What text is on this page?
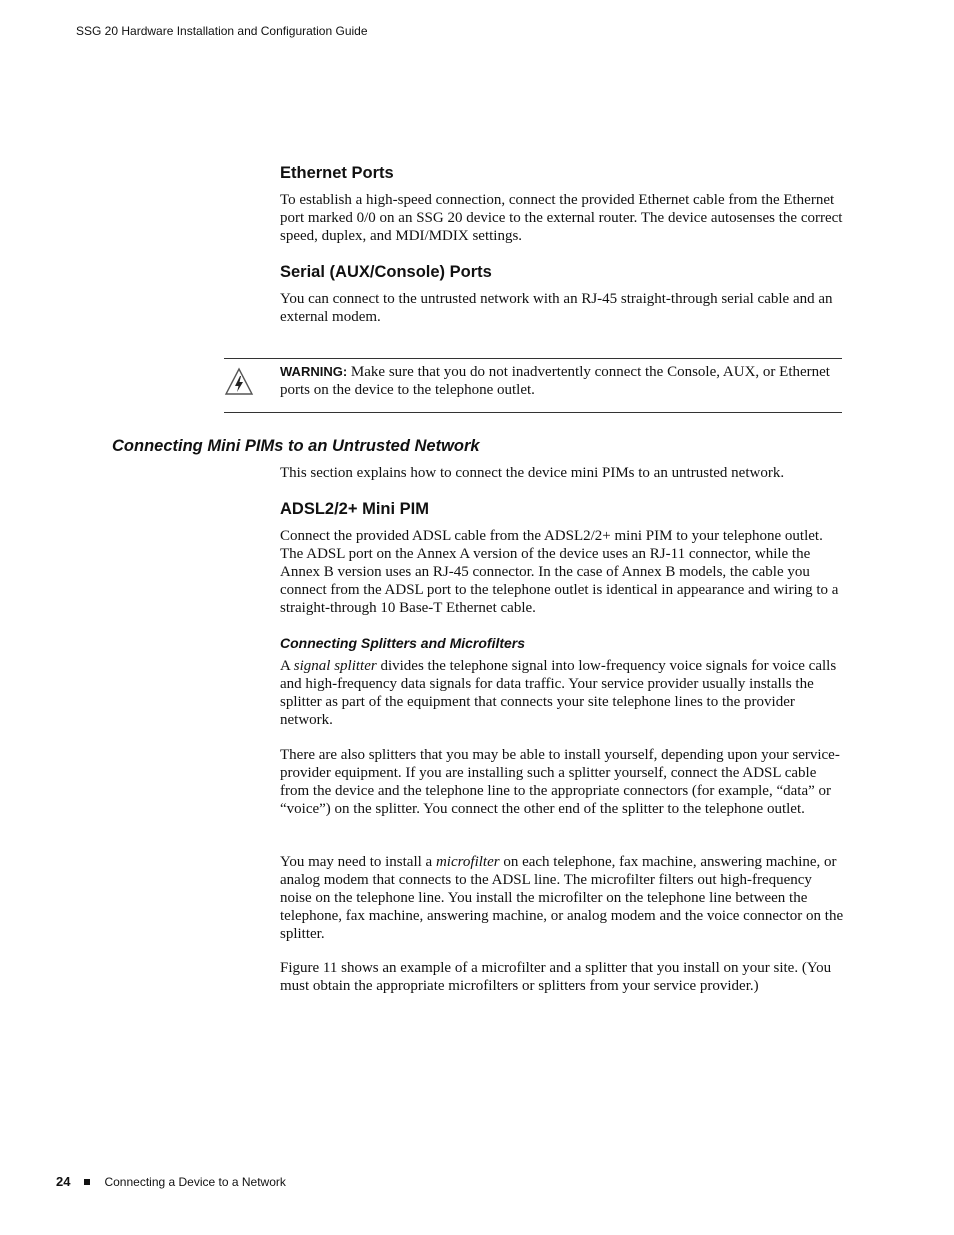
SSG 20 Hardware Installation and Configuration Guide
Ethernet Ports

To establish a high-speed connection, connect the provided Ethernet cable from the Ethernet port marked 0/0 on an SSG 20 device to the external router. The device autosenses the correct speed, duplex, and MDI/MDIX settings.

Serial (AUX/Console) Ports

You can connect to the untrusted network with an RJ-45 straight-through serial cable and an external modem.

WARNING: Make sure that you do not inadvertently connect the Console, AUX, or Ethernet ports on the device to the telephone outlet.

Connecting Mini PIMs to an Untrusted Network

This section explains how to connect the device mini PIMs to an untrusted network.

ADSL2/2+ Mini PIM

Connect the provided ADSL cable from the ADSL2/2+ mini PIM to your telephone outlet. The ADSL port on the Annex A version of the device uses an RJ-11 connector, while the Annex B version uses an RJ-45 connector. In the case of Annex B models, the cable you connect from the ADSL port to the telephone outlet is identical in appearance and wiring to a straight-through 10 Base-T Ethernet cable.

Connecting Splitters and Microfilters

A signal splitter divides the telephone signal into low-frequency voice signals for voice calls and high-frequency data signals for data traffic. Your service provider usually installs the splitter as part of the equipment that connects your site telephone lines to the provider network.

There are also splitters that you may be able to install yourself, depending upon your service-provider equipment. If you are installing such a splitter yourself, connect the ADSL cable from the device and the telephone line to the appropriate connectors (for example, “data” or “voice”) on the splitter. You connect the other end of the splitter to the telephone outlet.

You may need to install a microfilter on each telephone, fax machine, answering machine, or analog modem that connects to the ADSL line. The microfilter filters out high-frequency noise on the telephone line. You install the microfilter on the telephone line between the telephone, fax machine, answering machine, or analog modem and the voice connector on the splitter.

Figure 11 shows an example of a microfilter and a splitter that you install on your site. (You must obtain the appropriate microfilters or splitters from your service provider.)

24	Connecting a Device to a Network
